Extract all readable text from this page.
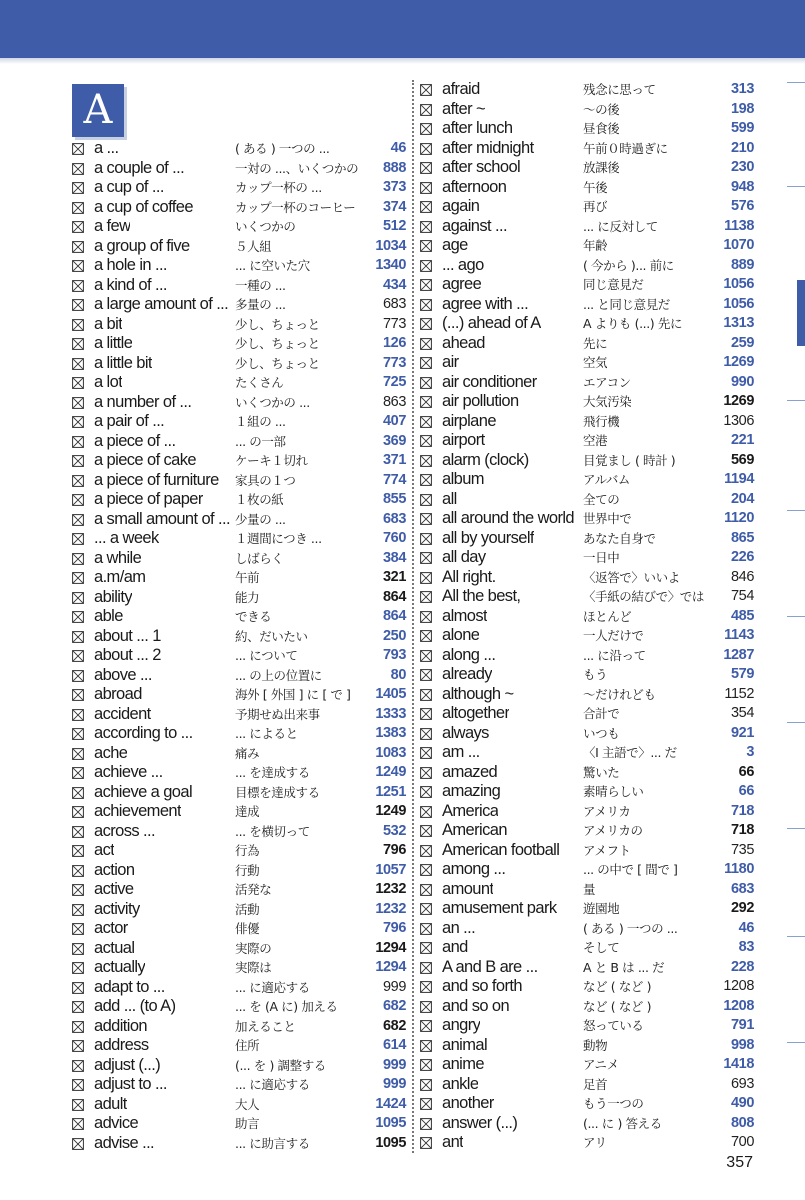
A
a ...	( ある ) 一つの ...	46
a couple of ...	一対の ...、いくつかの 888
a cup of ...	カップ一杯の ...	373
a cup of coffee	カップ一杯のコーヒー 374
a few	いくつかの	512
a group of five	５人組	1034
a hole in ...	... に空いた穴	1340
a kind of ...	一種の ...	434
a large amount of ... 多量の ...	683
a bit	少し、ちょっと	773
a little	少し、ちょっと	126
a little bit	少し、ちょっと	773
a lot	たくさん	725
a number of ...	いくつかの ...	863
a pair of ...	１組の ...	407
a piece of ...	... の一部	369
a piece of cake	ケーキ１切れ	371
a piece of furniture 家具の１つ	774
a piece of paper	１枚の紙	855
a small amount of ... 少量の ...	683
... a week	１週間につき ...	760
a while	しばらく	384
a.m/am	午前	321
ability	能力	864
able	できる	864
about ... 1	約、だいたい	250
about ... 2	... について	793
above ...	... の上の位置に	80
abroad	海外 [ 外国 ] に [ で ] 1405
accident	予期せぬ出来事	1333
according to ...	... によると	1383
ache	痛み	1083
achieve ...	... を達成する	1249
achieve a goal	目標を達成する	1251
achievement	達成	1249
across ...	... を横切って	532
act	行為	796
action	行動	1057
active	活発な	1232
activity	活動	1232
actor	俳優	796
actual	実際の	1294
actually	実際は	1294
adapt to ...	... に適応する	999
add ... (to A)	... を (A に) 加える	682
addition	加えること	682
address	住所	614
adjust (...)	(... を ) 調整する	999
adjust to ...	... に適応する	999
adult	大人	1424
advice	助言	1095
advise ...	... に助言する	1095
afraid	残念に思って	313
after ~	～の後	198
after lunch	昼食後	599
after midnight	午前０時過ぎに	210
after school	放課後	230
afternoon	午後	948
again	再び	576
against ...	... に反対して	1138
age	年齢	1070
... ago	( 今から )... 前に	889
agree	同じ意見だ	1056
agree with ...	... と同じ意見だ	1056
(...) ahead of A	A よりも (...) 先に	1313
ahead	先に	259
air	空気	1269
air conditioner	エアコン	990
air pollution	大気汚染	1269
airplane	飛行機	1306
airport	空港	221
alarm (clock)	目覚まし ( 時計 )	569
album	アルバム	1194
all	全ての	204
all around the world 世界中で	1120
all by yourself	あなた自身で	865
all day	一日中	226
All right.	〈返答で〉いいよ	846
All the best,	〈手紙の結びで〉では 754
almost	ほとんど	485
alone	一人だけで	1143
along ...	... に沿って	1287
already	もう	579
although ~	～だけれども	1152
altogether	合計で	354
always	いつも	921
am ...	〈I 主語で〉... だ	3
amazed	驚いた	66
amazing	素晴らしい	66
America	アメリカ	718
American	アメリカの	718
American football アメフト	735
among ...	... の中で [ 間で ]	1180
amount	量	683
amusement park 遊園地	292
an ...	( ある ) 一つの ...	46
and	そして	83
A and B are ...	A と B は ... だ	228
and so forth	など ( など )	1208
and so on	など ( など )	1208
angry	怒っている	791
animal	動物	998
anime	アニメ	1418
ankle	足首	693
another	もう一つの	490
answer (...)	(... に ) 答える	808
ant	アリ	700
357
